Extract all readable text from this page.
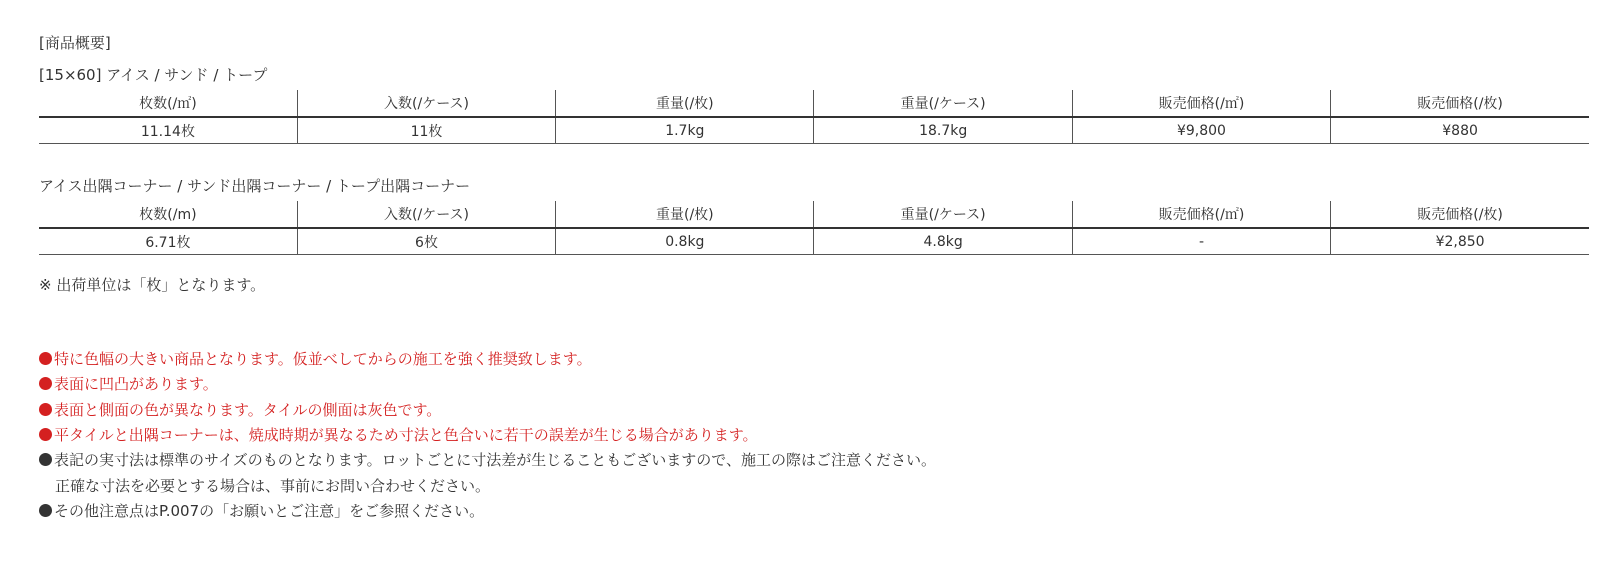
[商品概要]
[15×60] アイス / サンド / トープ
枚数(/㎡)	入数(/ケース)	重量(/枚)	重量(/ケース)	販売価格(/㎡)	販売価格(/枚)
11.14枚	11枚	1.7kg	18.7kg	¥9,800	¥880
アイス出隅コーナー / サンド出隅コーナー / トープ出隅コーナー
枚数(/m)	入数(/ケース)	重量(/枚)	重量(/ケース)	販売価格(/㎡)	販売価格(/枚)
6.71枚	6枚	0.8kg	4.8kg	-	¥2,850
※ 出荷単位は「枚」となります。
特に色幅の大きい商品となります。仮並べしてからの施工を強く推奨致します。
表面に凹凸があります。
表面と側面の色が異なります。タイルの側面は灰色です。
平タイルと出隅コーナーは、焼成時期が異なるため寸法と色合いに若干の誤差が生じる場合があります。
表記の実寸法は標準のサイズのものとなります。ロットごとに寸法差が生じることもございますので、施工の際はご注意ください。
正確な寸法を必要とする場合は、事前にお問い合わせください。
その他注意点はP.007の「お願いとご注意」をご参照ください。
